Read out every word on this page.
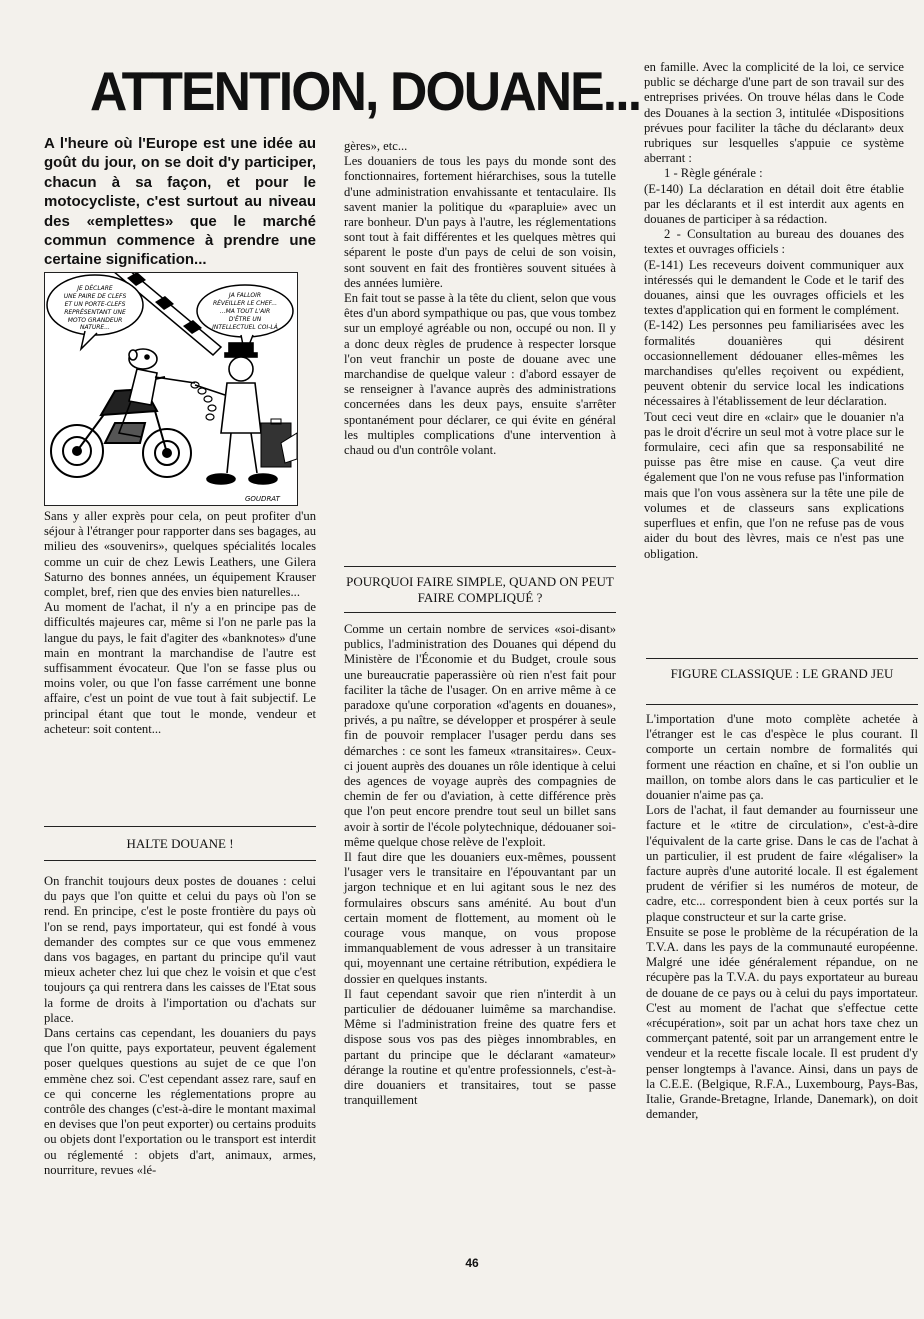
ATTENTION, DOUANE...
A l'heure où l'Europe est une idée au goût du jour, on se doit d'y participer, chacun à sa façon, et pour le motocycliste, c'est surtout au niveau des «emplettes» que le marché commun commence à prendre une certaine signification...
JE DÉCLARE
UNE PAIRE DE CLEFS
ET UN PORTE-CLEFS
REPRÉSENTANT UNE
MOTO GRANDEUR
NATURE...
JA FALLOIR
RÉVEILLER LE CHEF...
...MA TOUT L'AIR
D'ÊTRE UN
INTELLECTUEL COI-LÀ
GOUDRAT

Sans y aller exprès pour cela, on peut profiter d'un séjour à l'étranger pour rapporter dans ses bagages, au milieu des «souvenirs», quelques spécialités locales comme un cuir de chez Lewis Leathers, une Gilera Saturno des bonnes années, un équipement Krauser complet, bref, rien que des envies bien naturelles...

Au moment de l'achat, il n'y a en principe pas de difficultés majeures car, même si l'on ne parle pas la langue du pays, le fait d'agiter des «banknotes» d'une main en montrant la marchandise de l'autre est suffisamment évocateur. Que l'on se fasse plus ou moins voler, ou que l'on fasse carrément une bonne affaire, c'est un point de vue tout à fait subjectif. Le principal étant que tout le monde, vendeur et acheteur: soit content...

HALTE DOUANE !

On franchit toujours deux postes de douanes : celui du pays que l'on quitte et celui du pays où l'on se rend. En principe, c'est le poste frontière du pays où l'on se rend, pays importateur, qui est fondé à vous demander des comptes sur ce que vous emmenez dans vos bagages, en partant du principe qu'il vaut mieux acheter chez lui que chez le voisin et que c'est toujours ça qui rentrera dans les caisses de l'Etat sous la forme de droits à l'importation ou d'achats sur place.

Dans certains cas cependant, les douaniers du pays que l'on quitte, pays exportateur, peuvent également poser quelques questions au sujet de ce que l'on emmène chez soi. C'est cependant assez rare, sauf en ce qui concerne les réglementations propre au contrôle des changes (c'est-à-dire le montant maximal en devises que l'on peut exporter) ou certains produits ou objets dont l'exportation ou le transport est interdit ou réglementé : objets d'art, animaux, armes, nourriture, revues «lé-

gères», etc...

Les douaniers de tous les pays du monde sont des fonctionnaires, fortement hiérarchises, sous la tutelle d'une administration envahissante et tentaculaire. Ils savent manier la politique du «parapluie» avec un rare bonheur. D'un pays à l'autre, les réglementations sont tout à fait différentes et les quelques mètres qui séparent le poste d'un pays de celui de son voisin, sont souvent en fait des frontières souvent situées à des années lumière.

En fait tout se passe à la tête du client, selon que vous êtes d'un abord sympathique ou pas, que vous tombez sur un employé agréable ou non, occupé ou non. Il y a donc deux règles de prudence à respecter lorsque l'on veut franchir un poste de douane avec une marchandise de quelque valeur : d'abord essayer de se renseigner à l'avance auprès des administrations concernées dans les deux pays, ensuite s'arrêter spontanément pour déclarer, ce qui évite en général les multiples complications d'une intervention à chaud ou d'un contrôle volant.

POURQUOI FAIRE SIMPLE, QUAND ON PEUT FAIRE COMPLIQUÉ ?

Comme un certain nombre de services «soi-disant» publics, l'administration des Douanes qui dépend du Ministère de l'Économie et du Budget, croule sous une bureaucratie paperassière où rien n'est fait pour faciliter la tâche de l'usager. On en arrive même à ce paradoxe qu'une corporation «d'agents en douanes», privés, a pu naître, se développer et prospérer à seule fin de pouvoir remplacer l'usager perdu dans ses démarches : ce sont les fameux «transitaires». Ceux-ci jouent auprès des douanes un rôle identique à celui des agences de voyage auprès des compagnies de chemin de fer ou d'aviation, à cette différence près que l'on peut encore prendre tout seul un billet sans avoir à sortir de l'école polytechnique, dédouaner soi-même quelque chose relève de l'exploit.

Il faut dire que les douaniers eux-mêmes, poussent l'usager vers le transitaire en l'épouvantant par un jargon technique et en lui agitant sous le nez des formulaires obscurs sans aménité. Au bout d'un certain moment de flottement, au moment où le courage vous manque, on vous propose immanquablement de vous adresser à un transitaire qui, moyennant une certaine rétribution, expédiera le dossier en quelques instants.

Il faut cependant savoir que rien n'interdit à un particulier de dédouaner luimême sa marchandise. Même si l'administration freine des quatre fers et dispose sous vos pas des pièges innombrables, en partant du principe que le déclarant «amateur» dérange la routine et qu'entre professionnels, c'est-à-dire douaniers et transitaires, tout se passe tranquillement

en famille. Avec la complicité de la loi, ce service public se décharge d'une part de son travail sur des entreprises privées. On trouve hélas dans le Code des Douanes à la section 3, intitulée «Dispositions prévues pour faciliter la tâche du déclarant» deux rubriques sur lesquelles s'appuie ce système aberrant :

1 - Règle générale :

(E-140) La déclaration en détail doit être établie par les déclarants et il est interdit aux agents en douanes de participer à sa rédaction.

2 - Consultation au bureau des douanes des textes et ouvrages officiels :

(E-141) Les receveurs doivent communiquer aux intéressés qui le demandent le Code et le tarif des douanes, ainsi que les ouvrages officiels et les textes d'application qui en forment le complément.

(E-142) Les personnes peu familiarisées avec les formalités douanières qui désirent occasionnellement dédouaner elles-mêmes les marchandises qu'elles reçoivent ou expédient, peuvent obtenir du service local les indications nécessaires à l'établissement de leur déclaration.

Tout ceci veut dire en «clair» que le douanier n'a pas le droit d'écrire un seul mot à votre place sur le formulaire, ceci afin que sa responsabilité ne puisse pas être mise en cause. Ça veut dire également que l'on ne vous refuse pas l'information mais que l'on vous assènera sur la tête une pile de volumes et de classeurs sans explications superflues et enfin, que l'on ne refuse pas de vous aider du bout des lèvres, mais ce n'est pas une obligation.

FIGURE CLASSIQUE : LE GRAND JEU

L'importation d'une moto complète achetée à l'étranger est le cas d'espèce le plus courant. Il comporte un certain nombre de formalités qui forment une réaction en chaîne, et si l'on oublie un maillon, on tombe alors dans le cas particulier et le douanier n'aime pas ça.

Lors de l'achat, il faut demander au fournisseur une facture et le «titre de circulation», c'est-à-dire l'équivalent de la carte grise. Dans le cas de l'achat à un particulier, il est prudent de faire «légaliser» la facture auprès d'une autorité locale. Il est également prudent de vérifier si les numéros de moteur, de cadre, etc... correspondent bien à ceux portés sur la plaque constructeur et sur la carte grise.

Ensuite se pose le problème de la récupération de la T.V.A. dans les pays de la communauté européenne. Malgré une idée généralement répandue, on ne récupère pas la T.V.A. du pays exportateur au bureau de douane de ce pays ou à celui du pays importateur. C'est au moment de l'achat que s'effectue cette «récupération», soit par un achat hors taxe chez un commerçant patenté, soit par un arrangement entre le vendeur et la recette fiscale locale. Il est prudent d'y penser longtemps à l'avance. Ainsi, dans un pays de la C.E.E. (Belgique, R.F.A., Luxembourg, Pays-Bas, Italie, Grande-Bretagne, Irlande, Danemark), on doit demander,

46
